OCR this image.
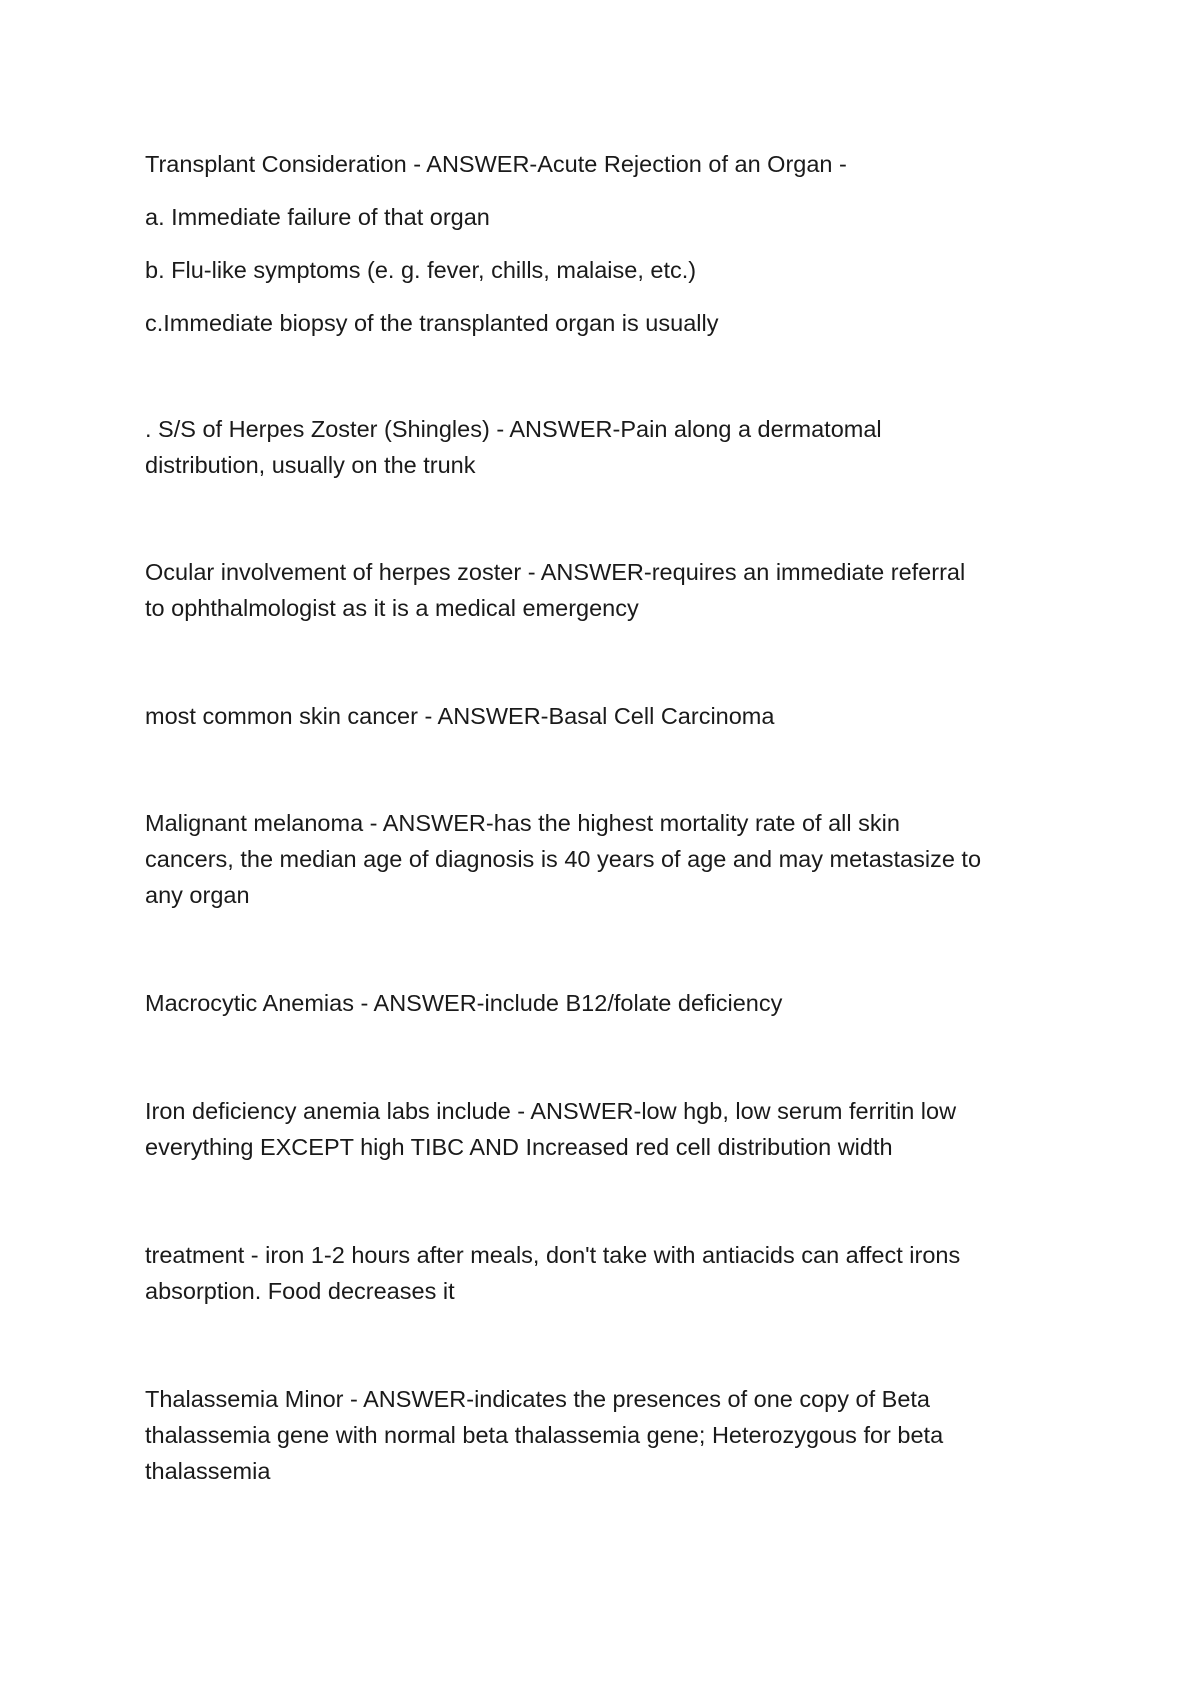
Transplant Consideration - ANSWER-Acute Rejection of an Organ -

a. Immediate failure of that organ

b. Flu-like symptoms (e. g. fever, chills, malaise, etc.)

c.Immediate biopsy of the transplanted organ is usually

. S/S of Herpes Zoster (Shingles) - ANSWER-Pain along a dermatomal
distribution, usually on the trunk

Ocular involvement of herpes zoster - ANSWER-requires an immediate referral
to ophthalmologist as it is a medical emergency

most common skin cancer - ANSWER-Basal Cell Carcinoma

Malignant melanoma - ANSWER-has the highest mortality rate of all skin
cancers, the median age of diagnosis is 40 years of age and may metastasize to
any organ

Macrocytic Anemias - ANSWER-include B12/folate deficiency

Iron deficiency anemia labs include - ANSWER-low hgb, low serum ferritin low
everything EXCEPT high TIBC AND Increased red cell distribution width

treatment - iron 1-2 hours after meals, don't take with antiacids can affect irons
absorption. Food decreases it

Thalassemia Minor - ANSWER-indicates the presences of one copy of Beta
thalassemia gene with normal beta thalassemia gene; Heterozygous for beta
thalassemia
